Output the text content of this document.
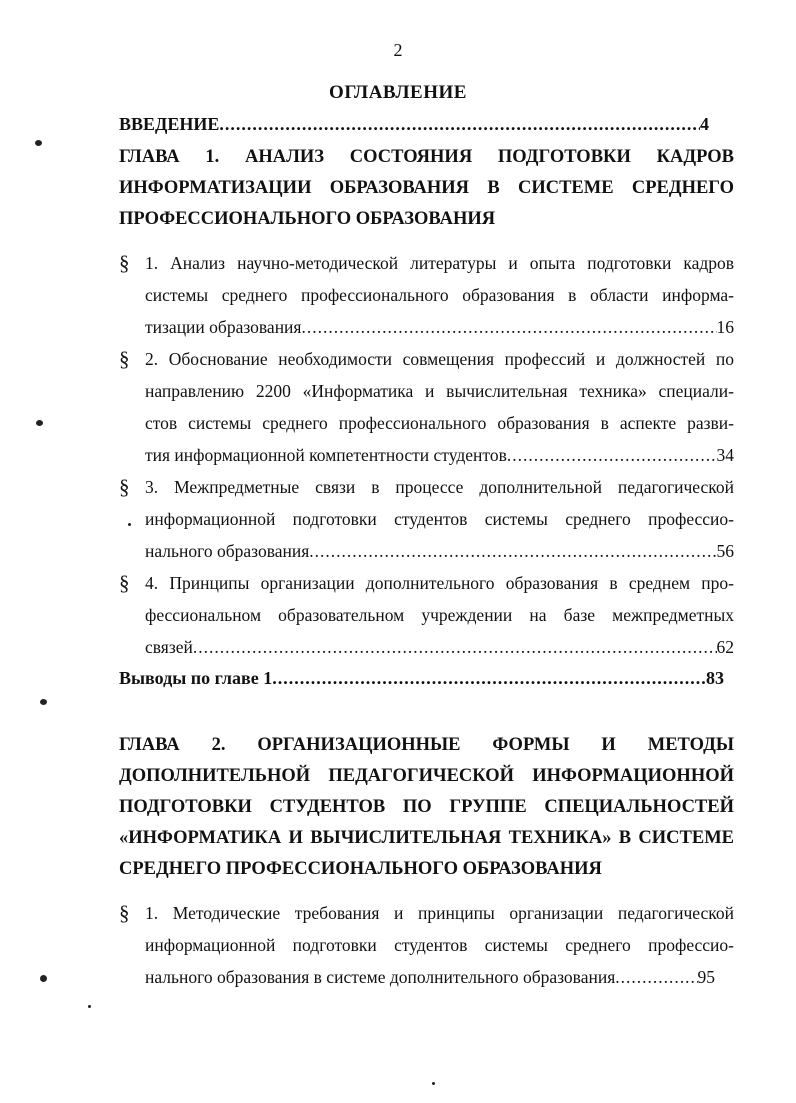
2
ОГЛАВЛЕНИЕ
ВВЕДЕНИЕ .....	4
ГЛАВА 1. АНАЛИЗ СОСТОЯНИЯ ПОДГОТОВКИ КАДРОВ ИНФОРМАТИЗАЦИИ ОБРАЗОВАНИЯ В СИСТЕМЕ СРЕДНЕГО ПРОФЕССИОНАЛЬНОГО ОБРАЗОВАНИЯ
§ 1. Анализ научно-методической литературы и опыта подготовки кадров

системы среднего профессионального образования в области информа-

тизации образования .....	16
§ 2. Обоснование необходимости совмещения профессий и должностей по

направлению 2200 «Информатика и вычислительная техника» специали-

стов системы среднего профессионального образования в аспекте разви-

тия информационной компетентности студентов .....	34
§ 3. Межпредметные связи в процессе дополнительной педагогической

информационной подготовки студентов системы среднего профессио-

нального образования .....	56
§ 4. Принципы организации дополнительного образования в среднем про-

фессиональном образовательном учреждении на базе межпредметных

связей .....	62
Выводы по главе 1 .....	83
ГЛАВА 2. ОРГАНИЗАЦИОННЫЕ ФОРМЫ И МЕТОДЫ ДОПОЛНИТЕЛЬНОЙ ПЕДАГОГИЧЕСКОЙ ИНФОРМАЦИОННОЙ ПОДГОТОВКИ СТУДЕНТОВ ПО ГРУППЕ СПЕЦИАЛЬНОСТЕЙ «ИНФОРМАТИКА И ВЫЧИСЛИТЕЛЬНАЯ ТЕХНИКА» В СИСТЕМЕ СРЕДНЕГО ПРОФЕССИОНАЛЬНОГО ОБРАЗОВАНИЯ
§ 1. Методические требования и принципы организации педагогической

информационной подготовки студентов системы среднего профессио-

нального образования в системе дополнительного образования .....	95
